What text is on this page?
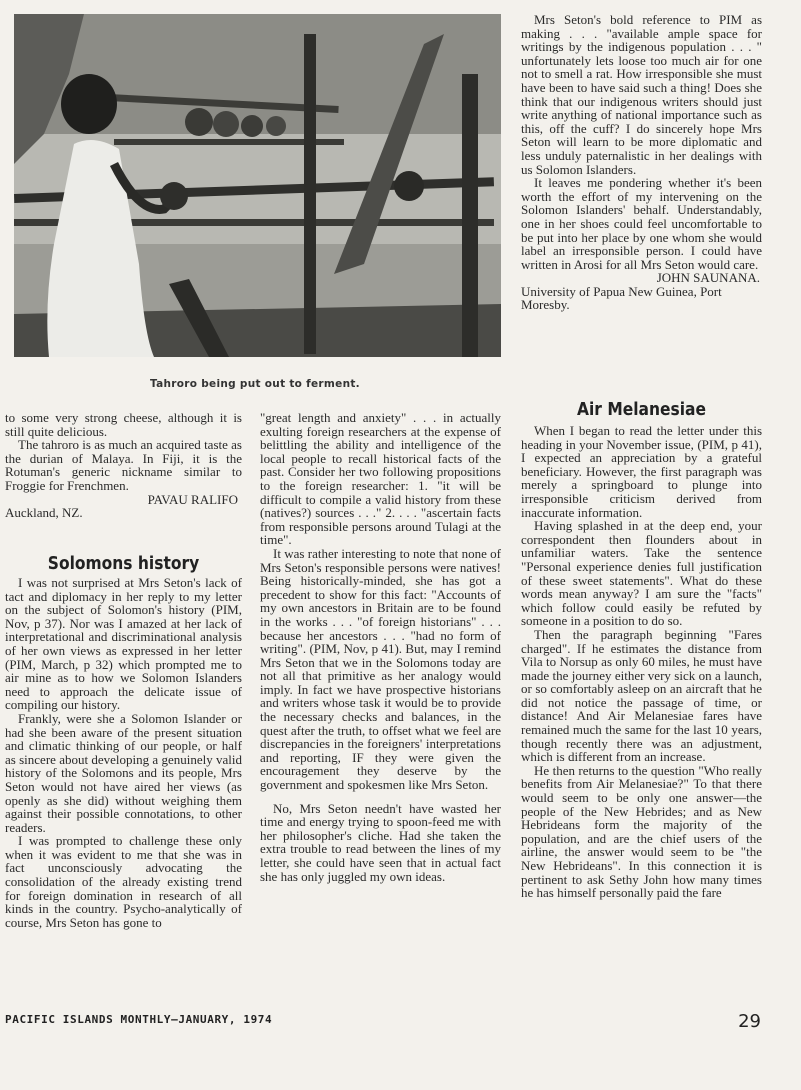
Tahroro being put out to ferment.

to some very strong cheese, although it is still quite delicious.

The tahroro is as much an acquired taste as the durian of Malaya. In Fiji, it is the Rotuman's generic nickname similar to Froggie for Frenchmen.

PAVAU RALIFO

Auckland, NZ.

Solomons history

I was not surprised at Mrs Seton's lack of tact and diplomacy in her reply to my letter on the subject of Solomon's history (PIM, Nov, p 37). Nor was I amazed at her lack of interpretational and discriminational analysis of her own views as expressed in her letter (PIM, March, p 32) which prompted me to air mine as to how we Solomon Islanders need to approach the delicate issue of compiling our history.

Frankly, were she a Solomon Islander or had she been aware of the present situation and climatic thinking of our people, or half as sincere about developing a genuinely valid history of the Solomons and its people, Mrs Seton would not have aired her views (as openly as she did) without weighing them against their possible connotations, to other readers.

I was prompted to challenge these only when it was evident to me that she was in fact unconsciously advocating the consolidation of the already existing trend for foreign domination in research of all kinds in the country. Psycho-analytically of course, Mrs Seton has gone to

"great length and anxiety" . . . in actually exulting foreign researchers at the expense of belittling the ability and intelligence of the local people to recall historical facts of the past. Consider her two following propositions to the foreign researcher: 1. "it will be difficult to compile a valid history from these (natives?) sources . . ." 2. . . . "ascertain facts from responsible persons around Tulagi at the time".

It was rather interesting to note that none of Mrs Seton's responsible persons were natives! Being historically-minded, she has got a precedent to show for this fact: "Accounts of my own ancestors in Britain are to be found in the works . . . "of foreign historians" . . . because her ancestors . . . "had no form of writing". (PIM, Nov, p 41). But, may I remind Mrs Seton that we in the Solomons today are not all that primitive as her analogy would imply. In fact we have prospective historians and writers whose task it would be to provide the necessary checks and balances, in the quest after the truth, to offset what we feel are discrepancies in the foreigners' interpretations and reporting, IF they were given the encouragement they deserve by the government and spokesmen like Mrs Seton.

No, Mrs Seton needn't have wasted her time and energy trying to spoon-feed me with her philosopher's cliche. Had she taken the extra trouble to read between the lines of my letter, she could have seen that in actual fact she has only juggled my own ideas.

Mrs Seton's bold reference to PIM as making . . . "available ample space for writings by the indigenous population . . . " unfortunately lets loose too much air for one not to smell a rat. How irresponsible she must have been to have said such a thing! Does she think that our indigenous writers should just write anything of national importance such as this, off the cuff? I do sincerely hope Mrs Seton will learn to be more diplomatic and less unduly paternalistic in her dealings with us Solomon Islanders.

It leaves me pondering whether it's been worth the effort of my intervening on the Solomon Islanders' behalf. Understandably, one in her shoes could feel uncomfortable to be put into her place by one whom she would label an irresponsible person. I could have written in Arosi for all Mrs Seton would care.

JOHN SAUNANA.

University of Papua New Guinea, Port Moresby.

Air Melanesiae

When I began to read the letter under this heading in your November issue, (PIM, p 41), I expected an appreciation by a grateful beneficiary. However, the first paragraph was merely a springboard to plunge into irresponsible criticism derived from inaccurate information.

Having splashed in at the deep end, your correspondent then flounders about in unfamiliar waters. Take the sentence "Personal experience denies full justification of these sweet statements". What do these words mean anyway? I am sure the "facts" which follow could easily be refuted by someone in a position to do so.

Then the paragraph beginning "Fares charged". If he estimates the distance from Vila to Norsup as only 60 miles, he must have made the journey either very sick on a launch, or so comfortably asleep on an aircraft that he did not notice the passage of time, or distance! And Air Melanesiae fares have remained much the same for the last 10 years, though recently there was an adjustment, which is different from an increase.

He then returns to the question "Who really benefits from Air Melanesiae?" To that there would seem to be only one answer—the people of the New Hebrides; and as New Hebrideans form the majority of the population, and are the chief users of the airline, the answer would seem to be "the New Hebrideans". In this connection it is pertinent to ask Sethy John how many times he has himself personally paid the fare

PACIFIC ISLANDS MONTHLY—JANUARY, 1974	29
